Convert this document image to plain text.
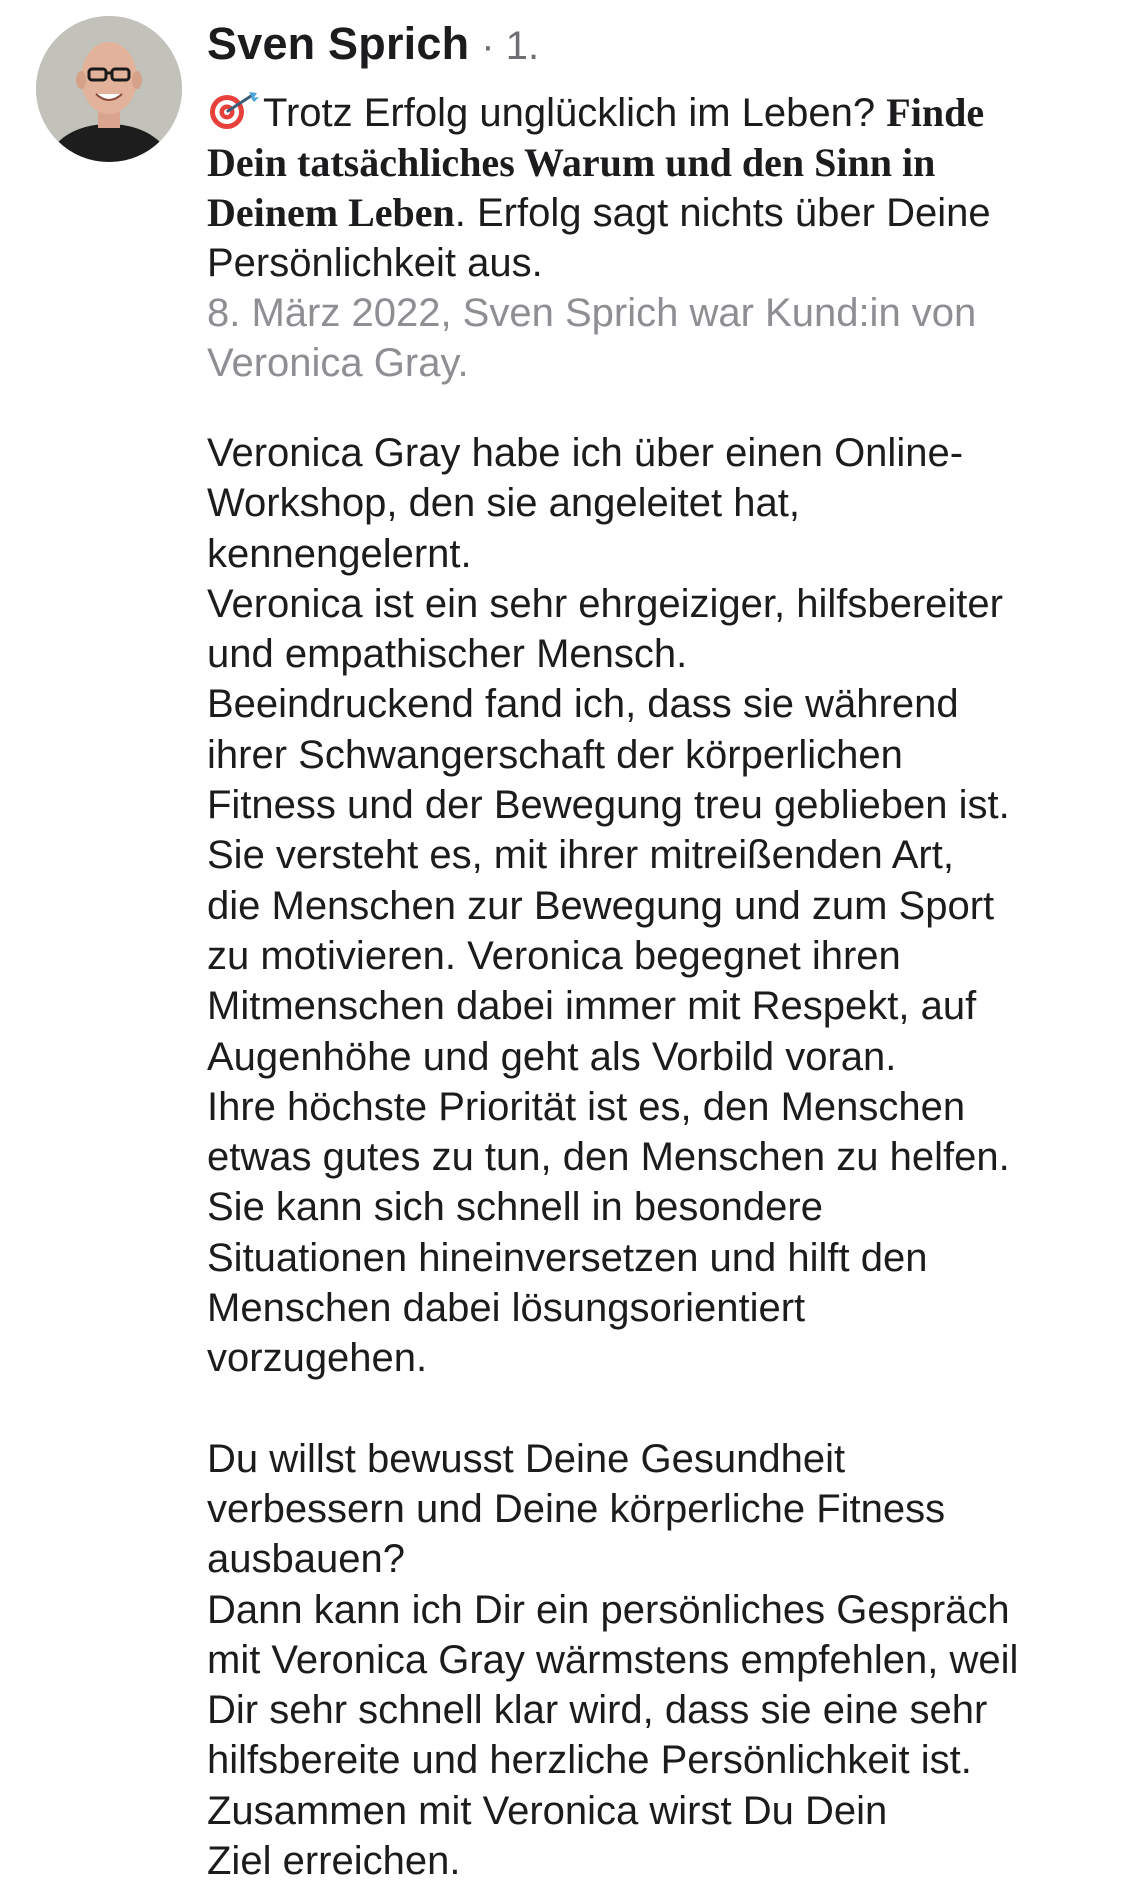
Sven Sprich · 1.
Trotz Erfolg unglücklich im Leben? Finde
Dein tatsächliches Warum und den Sinn in
Deinem Leben. Erfolg sagt nichts über Deine
Persönlichkeit aus.
8. März 2022, Sven Sprich war Kund:in von
Veronica Gray.
Veronica Gray habe ich über einen Online-
Workshop, den sie angeleitet hat,
kennengelernt.
Veronica ist ein sehr ehrgeiziger, hilfsbereiter
und empathischer Mensch.
Beeindruckend fand ich, dass sie während
ihrer Schwangerschaft der körperlichen
Fitness und der Bewegung treu geblieben ist.
Sie versteht es, mit ihrer mitreißenden Art,
die Menschen zur Bewegung und zum Sport
zu motivieren. Veronica begegnet ihren
Mitmenschen dabei immer mit Respekt, auf
Augenhöhe und geht als Vorbild voran.
Ihre höchste Priorität ist es, den Menschen
etwas gutes zu tun, den Menschen zu helfen.
Sie kann sich schnell in besondere
Situationen hineinversetzen und hilft den
Menschen dabei lösungsorientiert
vorzugehen.
Du willst bewusst Deine Gesundheit
verbessern und Deine körperliche Fitness
ausbauen?
Dann kann ich Dir ein persönliches Gespräch
mit Veronica Gray wärmstens empfehlen, weil
Dir sehr schnell klar wird, dass sie eine sehr
hilfsbereite und herzliche Persönlichkeit ist.
Zusammen mit Veronica wirst Du Dein
Ziel erreichen.
